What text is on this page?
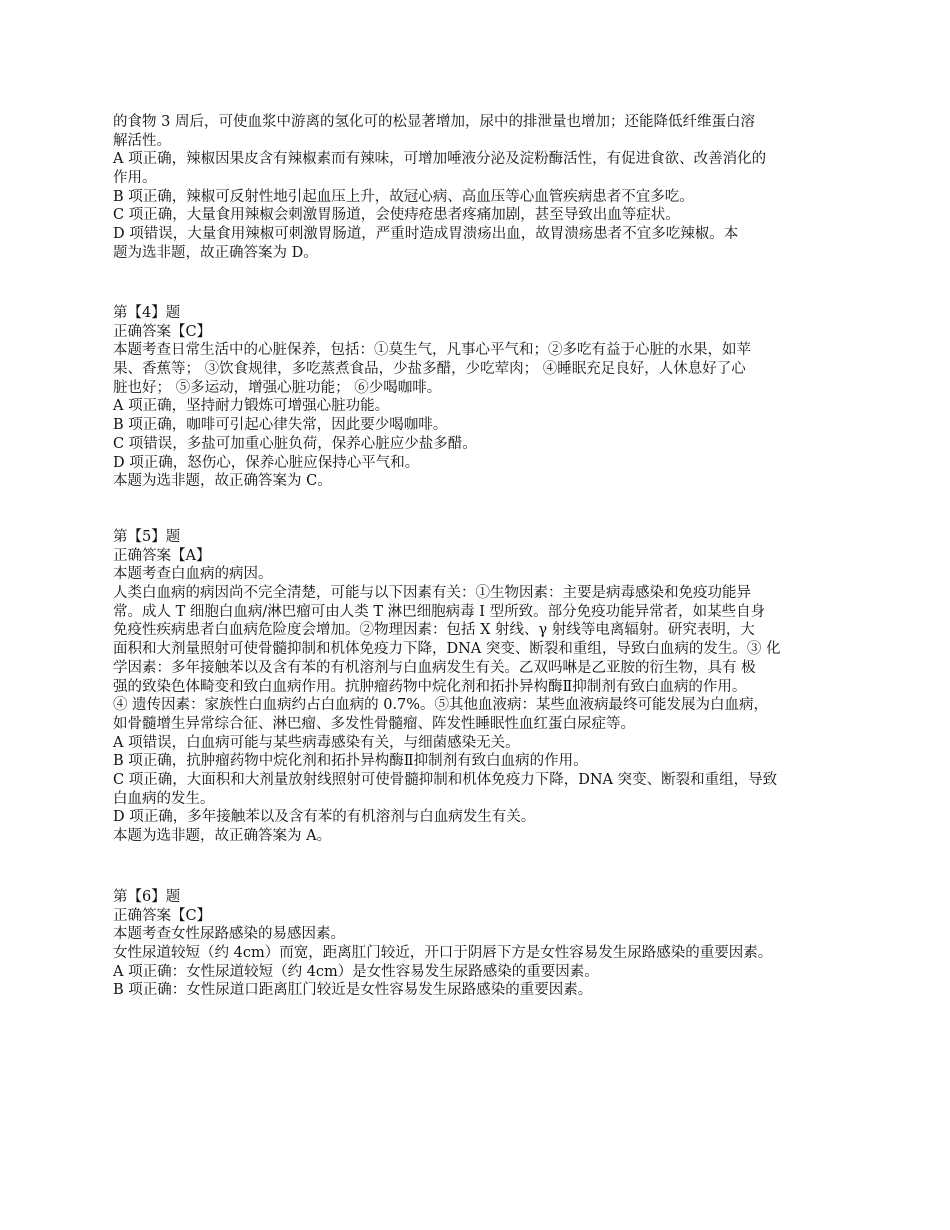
的食物 3 周后，可使血浆中游离的氢化可的松显著增加，尿中的排泄量也增加；还能降低纤维蛋白溶
解活性。
A 项正确，辣椒因果皮含有辣椒素而有辣味，可增加唾液分泌及淀粉酶活性，有促进食欲、改善消化的
作用。
B 项正确，辣椒可反射性地引起血压上升，故冠心病、高血压等心血管疾病患者不宜多吃。
C 项正确，大量食用辣椒会刺激胃肠道，会使痔疮患者疼痛加剧，甚至导致出血等症状。
D 项错误，大量食用辣椒可刺激胃肠道，严重时造成胃溃疡出血，故胃溃疡患者不宜多吃辣椒。本
题为选非题，故正确答案为 D。
第【4】题
正确答案【C】
本题考查日常生活中的心脏保养，包括：①莫生气，凡事心平气和；②多吃有益于心脏的水果，如苹
果、香蕉等； ③饮食规律，多吃蒸煮食品，少盐多醋，少吃荤肉； ④睡眠充足良好，人休息好了心
脏也好； ⑤多运动，增强心脏功能； ⑥少喝咖啡。
A 项正确，坚持耐力锻炼可增强心脏功能。
B 项正确，咖啡可引起心律失常，因此要少喝咖啡。
C 项错误，多盐可加重心脏负荷，保养心脏应少盐多醋。
D 项正确，怒伤心，保养心脏应保持心平气和。
本题为选非题，故正确答案为 C。
第【5】题
正确答案【A】
本题考查白血病的病因。
人类白血病的病因尚不完全清楚，可能与以下因素有关：①生物因素：主要是病毒感染和免疫功能异
常。成人 T 细胞白血病/淋巴瘤可由人类 T 淋巴细胞病毒 I 型所致。部分免疫功能异常者，如某些自身
免疫性疾病患者白血病危险度会增加。②物理因素：包括 X 射线、γ 射线等电离辐射。研究表明，大
面积和大剂量照射可使骨髓抑制和机体免疫力下降，DNA 突变、断裂和重组，导致白血病的发生。③ 化
学因素：多年接触苯以及含有苯的有机溶剂与白血病发生有关。乙双吗啉是乙亚胺的衍生物，具有 极
强的致染色体畸变和致白血病作用。抗肿瘤药物中烷化剂和拓扑异构酶Ⅱ抑制剂有致白血病的作用。
④ 遗传因素：家族性白血病约占白血病的 0.7%。⑤其他血液病：某些血液病最终可能发展为白血病，
如骨髓增生异常综合征、淋巴瘤、多发性骨髓瘤、阵发性睡眠性血红蛋白尿症等。
A 项错误，白血病可能与某些病毒感染有关，与细菌感染无关。
B 项正确，抗肿瘤药物中烷化剂和拓扑异构酶Ⅱ抑制剂有致白血病的作用。
C 项正确，大面积和大剂量放射线照射可使骨髓抑制和机体免疫力下降，DNA 突变、断裂和重组，导致
白血病的发生。
D 项正确，多年接触苯以及含有苯的有机溶剂与白血病发生有关。
本题为选非题，故正确答案为 A。
第【6】题
正确答案【C】
本题考查女性尿路感染的易感因素。
女性尿道较短（约 4cm）而宽，距离肛门较近，开口于阴唇下方是女性容易发生尿路感染的重要因素。
A 项正确：女性尿道较短（约 4cm）是女性容易发生尿路感染的重要因素。
B 项正确：女性尿道口距离肛门较近是女性容易发生尿路感染的重要因素。
